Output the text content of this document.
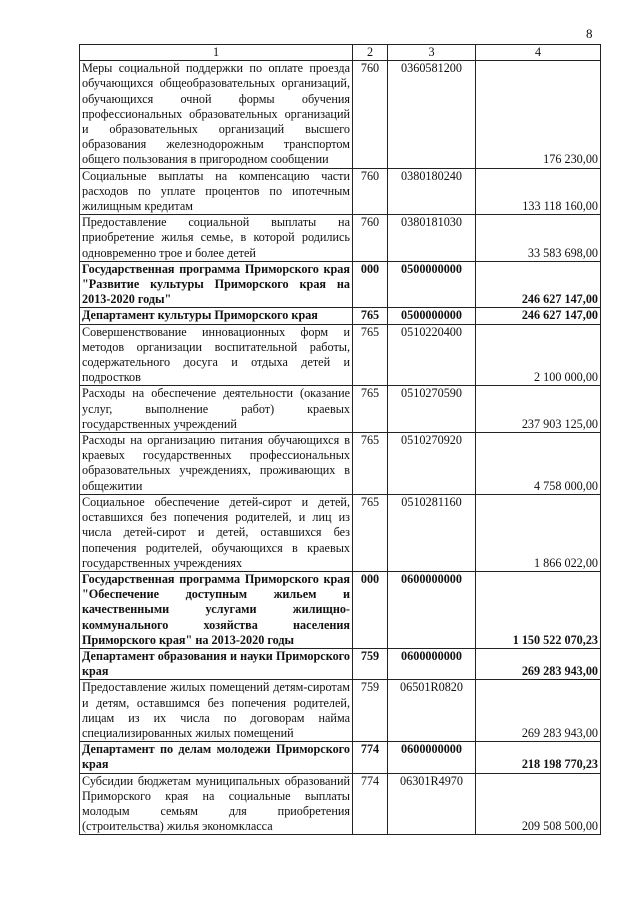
8
1	2	3	4
Меры социальной поддержки по оплате проезда обучающихся общеобразовательных организаций, обучающихся очной формы обучения профессиональных образовательных организаций и образовательных организаций высшего образования железнодорожным транспортом общего пользования в пригородном сообщении	760	0360581200	176 230,00
Социальные выплаты на компенсацию части расходов по уплате процентов по ипотечным жилищным кредитам	760	0380180240	133 118 160,00
Предоставление социальной выплаты на приобретение жилья семье, в которой родились одновременно трое и более детей	760	0380181030	33 583 698,00
Государственная программа Приморского края "Развитие культуры Приморского края на 2013-2020 годы"	000	0500000000	246 627 147,00
Департамент культуры Приморского края	765	0500000000	246 627 147,00
Совершенствование инновационных форм и методов организации воспитательной работы, содержательного досуга и отдыха детей и подростков	765	0510220400	2 100 000,00
Расходы на обеспечение деятельности (оказание услуг, выполнение работ) краевых государственных учреждений	765	0510270590	237 903 125,00
Расходы на организацию питания обучающихся в краевых государственных профессиональных образовательных учреждениях, проживающих в общежитии	765	0510270920	4 758 000,00
Социальное обеспечение детей-сирот и детей, оставшихся без попечения родителей, и лиц из числа детей-сирот и детей, оставшихся без попечения родителей, обучающихся в краевых государственных учреждениях	765	0510281160	1 866 022,00
Государственная программа Приморского края "Обеспечение доступным жильем и качественными услугами жилищно-коммунального хозяйства населения Приморского края" на 2013-2020 годы	000	0600000000	1 150 522 070,23
Департамент образования и науки Приморского края	759	0600000000	269 283 943,00
Предоставление жилых помещений детям-сиротам и детям, оставшимся без попечения родителей, лицам из их числа по договорам найма специализированных жилых помещений	759	06501R0820	269 283 943,00
Департамент по делам молодежи Приморского края	774	0600000000	218 198 770,23
Субсидии бюджетам муниципальных образований Приморского края на социальные выплаты молодым семьям для приобретения (строительства) жилья экономкласса	774	06301R4970	209 508 500,00
